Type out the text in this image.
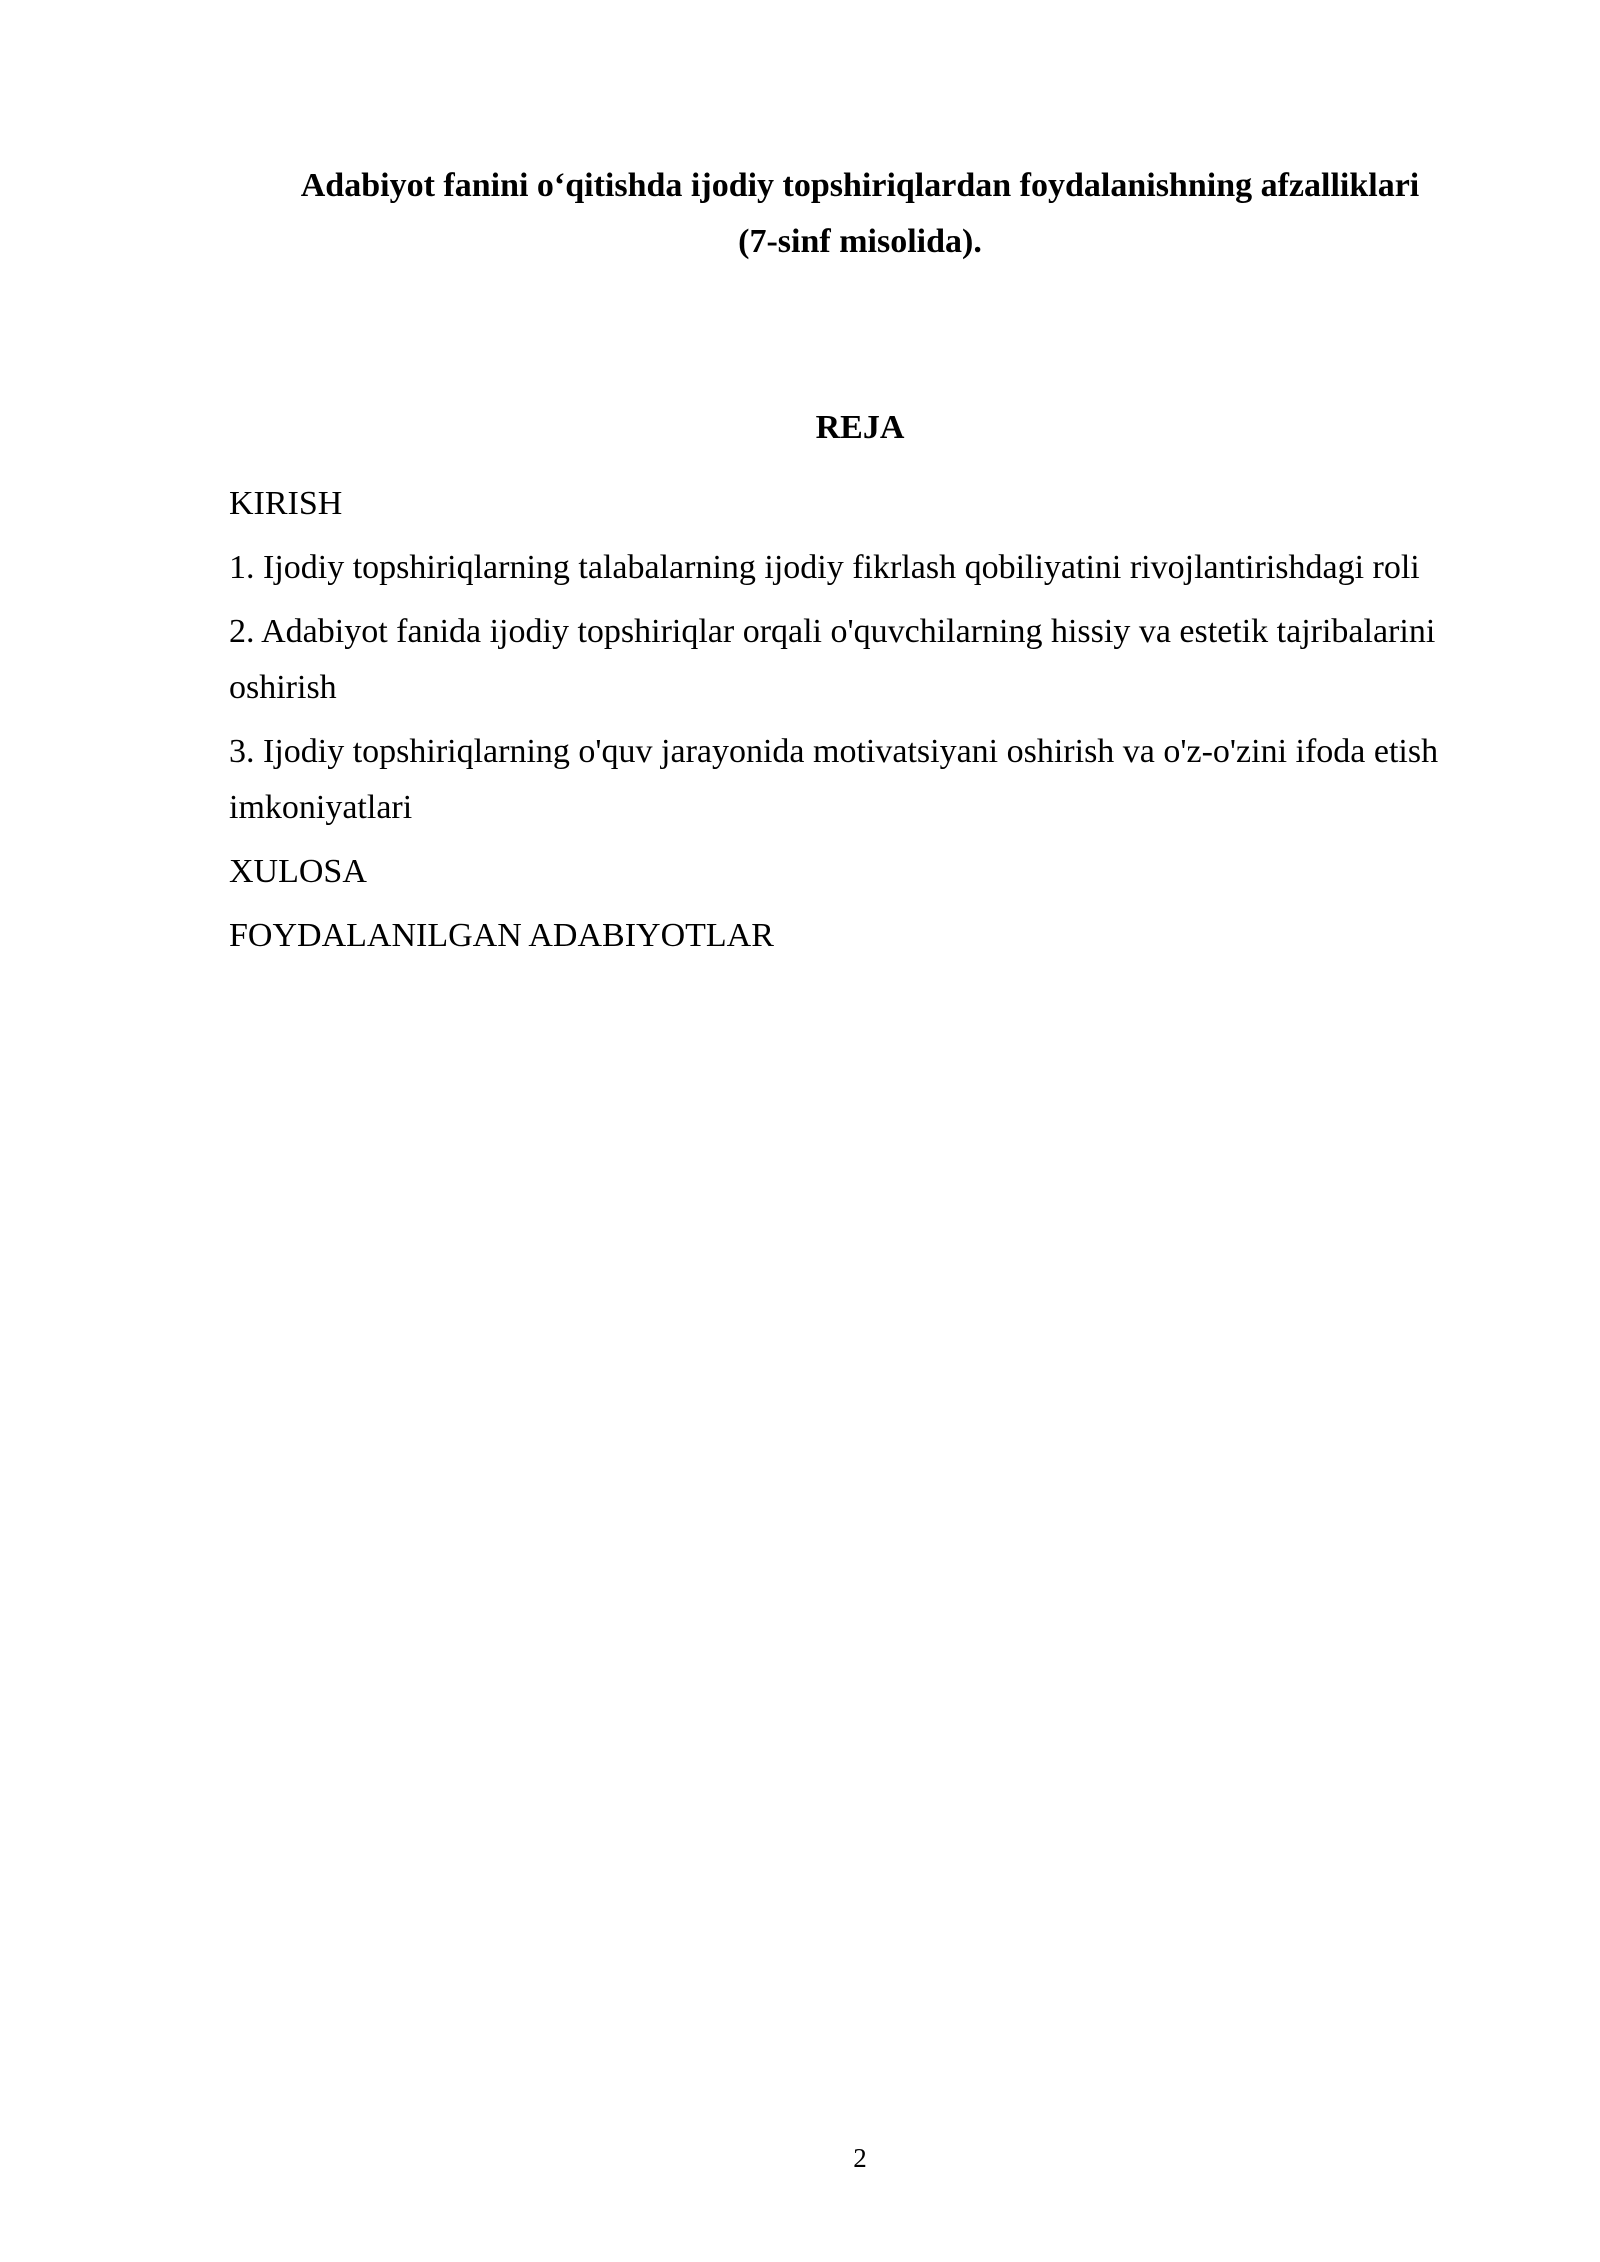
Adabiyot fanini o‘qitishda ijodiy topshiriqlardan foydalanishning afzalliklari
(7-sinf misolida).
REJA
KIRISH
1. Ijodiy topshiriqlarning talabalarning ijodiy fikrlash qobiliyatini rivojlantirishdagi roli
2. Adabiyot fanida ijodiy topshiriqlar orqali o'quvchilarning hissiy va estetik tajribalarini oshirish
3. Ijodiy topshiriqlarning o'quv jarayonida motivatsiyani oshirish va o'z-o'zini ifoda etish imkoniyatlari
XULOSA
FOYDALANILGAN ADABIYOTLAR
2
